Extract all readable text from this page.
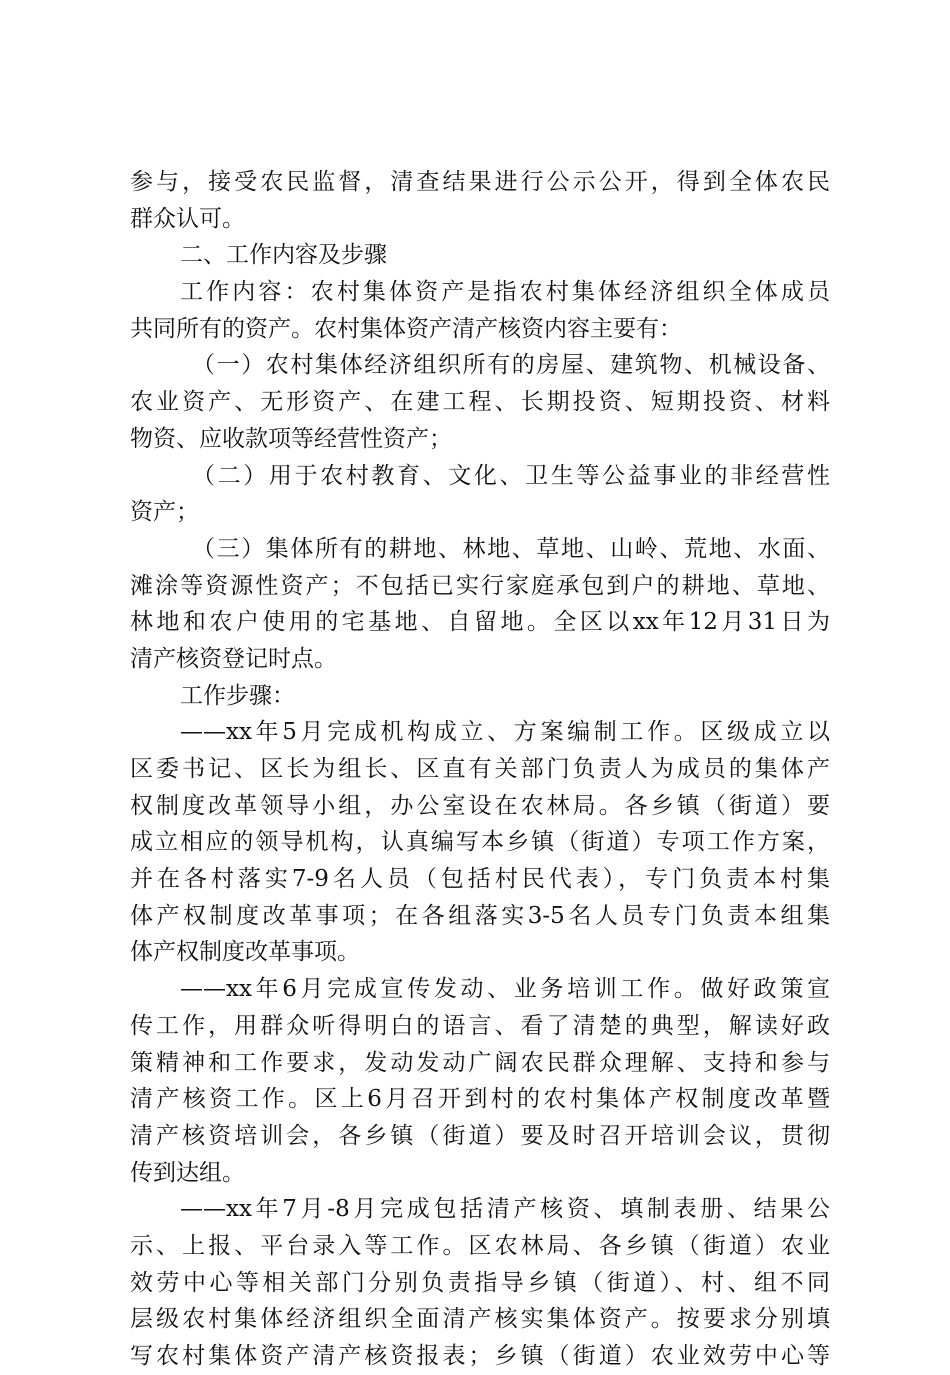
参与，接受农民监督，清查结果进行公示公开，得到全体农民
群众认可。
二、工作内容及步骤
工作内容：农村集体资产是指农村集体经济组织全体成员
共同所有的资产。农村集体资产清产核资内容主要有：
（一）农村集体经济组织所有的房屋、建筑物、机械设备、
农业资产、无形资产、在建工程、长期投资、短期投资、材料
物资、应收款项等经营性资产；
（二）用于农村教育、文化、卫生等公益事业的非经营性
资产；
（三）集体所有的耕地、林地、草地、山岭、荒地、水面、
滩涂等资源性资产；不包括已实行家庭承包到户的耕地、草地、
林地和农户使用的宅基地、自留地。全区以xx年12月31日为
清产核资登记时点。
工作步骤：
——xx年5月完成机构成立、方案编制工作。区级成立以
区委书记、区长为组长、区直有关部门负责人为成员的集体产
权制度改革领导小组，办公室设在农林局。各乡镇（街道）要
成立相应的领导机构，认真编写本乡镇（街道）专项工作方案，
并在各村落实7-9名人员（包括村民代表），专门负责本村集
体产权制度改革事项；在各组落实3-5名人员专门负责本组集
体产权制度改革事项。
——xx年6月完成宣传发动、业务培训工作。做好政策宣
传工作，用群众听得明白的语言、看了清楚的典型，解读好政
策精神和工作要求，发动发动广阔农民群众理解、支持和参与
清产核资工作。区上6月召开到村的农村集体产权制度改革暨
清产核资培训会，各乡镇（街道）要及时召开培训会议，贯彻
传到达组。
——xx年7月-8月完成包括清产核资、填制表册、结果公
示、上报、平台录入等工作。区农林局、各乡镇（街道）农业
效劳中心等相关部门分别负责指导乡镇（街道）、村、组不同
层级农村集体经济组织全面清产核实集体资产。按要求分别填
写农村集体资产清产核资报表；乡镇（街道）农业效劳中心等
